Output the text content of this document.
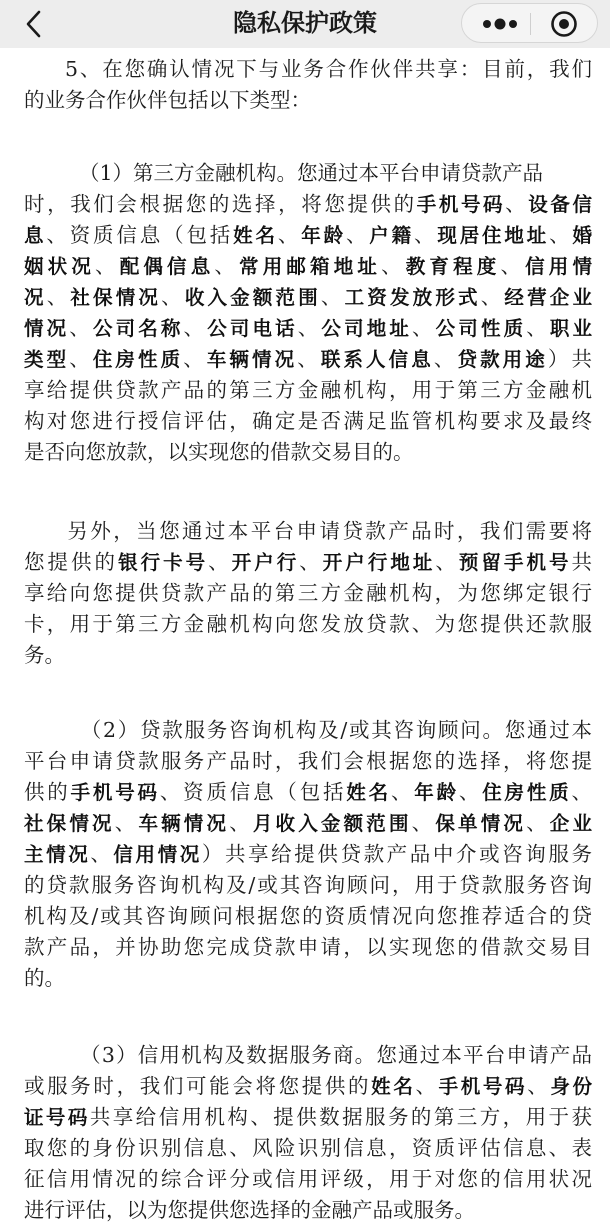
隐私保护政策
5、在您确认情况下与业务合作伙伴共享：目前，我们
的业务合作伙伴包括以下类型：
（1）第三方金融机构。您通过本平台申请贷款产品
时，我们会根据您的选择，将您提供的手机号码、设备信
息、资质信息（包括姓名、年龄、户籍、现居住地址、婚
姻状况、配偶信息、常用邮箱地址、教育程度、信用情
况、社保情况、收入金额范围、工资发放形式、经营企业
情况、公司名称、公司电话、公司地址、公司性质、职业
类型、住房性质、车辆情况、联系人信息、贷款用途）共
享给提供贷款产品的第三方金融机构，用于第三方金融机
构对您进行授信评估，确定是否满足监管机构要求及最终
是否向您放款，以实现您的借款交易目的。
另外，当您通过本平台申请贷款产品时，我们需要将
您提供的银行卡号、开户行、开户行地址、预留手机号共
享给向您提供贷款产品的第三方金融机构，为您绑定银行
卡，用于第三方金融机构向您发放贷款、为您提供还款服
务。
（2）贷款服务咨询机构及/或其咨询顾问。您通过本
平台申请贷款服务产品时，我们会根据您的选择，将您提
供的手机号码、资质信息（包括姓名、年龄、住房性质、
社保情况、车辆情况、月收入金额范围、保单情况、企业
主情况、信用情况）共享给提供贷款产品中介或咨询服务
的贷款服务咨询机构及/或其咨询顾问，用于贷款服务咨询
机构及/或其咨询顾问根据您的资质情况向您推荐适合的贷
款产品，并协助您完成贷款申请，以实现您的借款交易目
的。
（3）信用机构及数据服务商。您通过本平台申请产品
或服务时，我们可能会将您提供的姓名、手机号码、身份
证号码共享给信用机构、提供数据服务的第三方，用于获
取您的身份识别信息、风险识别信息，资质评估信息、表
征信用情况的综合评分或信用评级，用于对您的信用状况
进行评估，以为您提供您选择的金融产品或服务。
